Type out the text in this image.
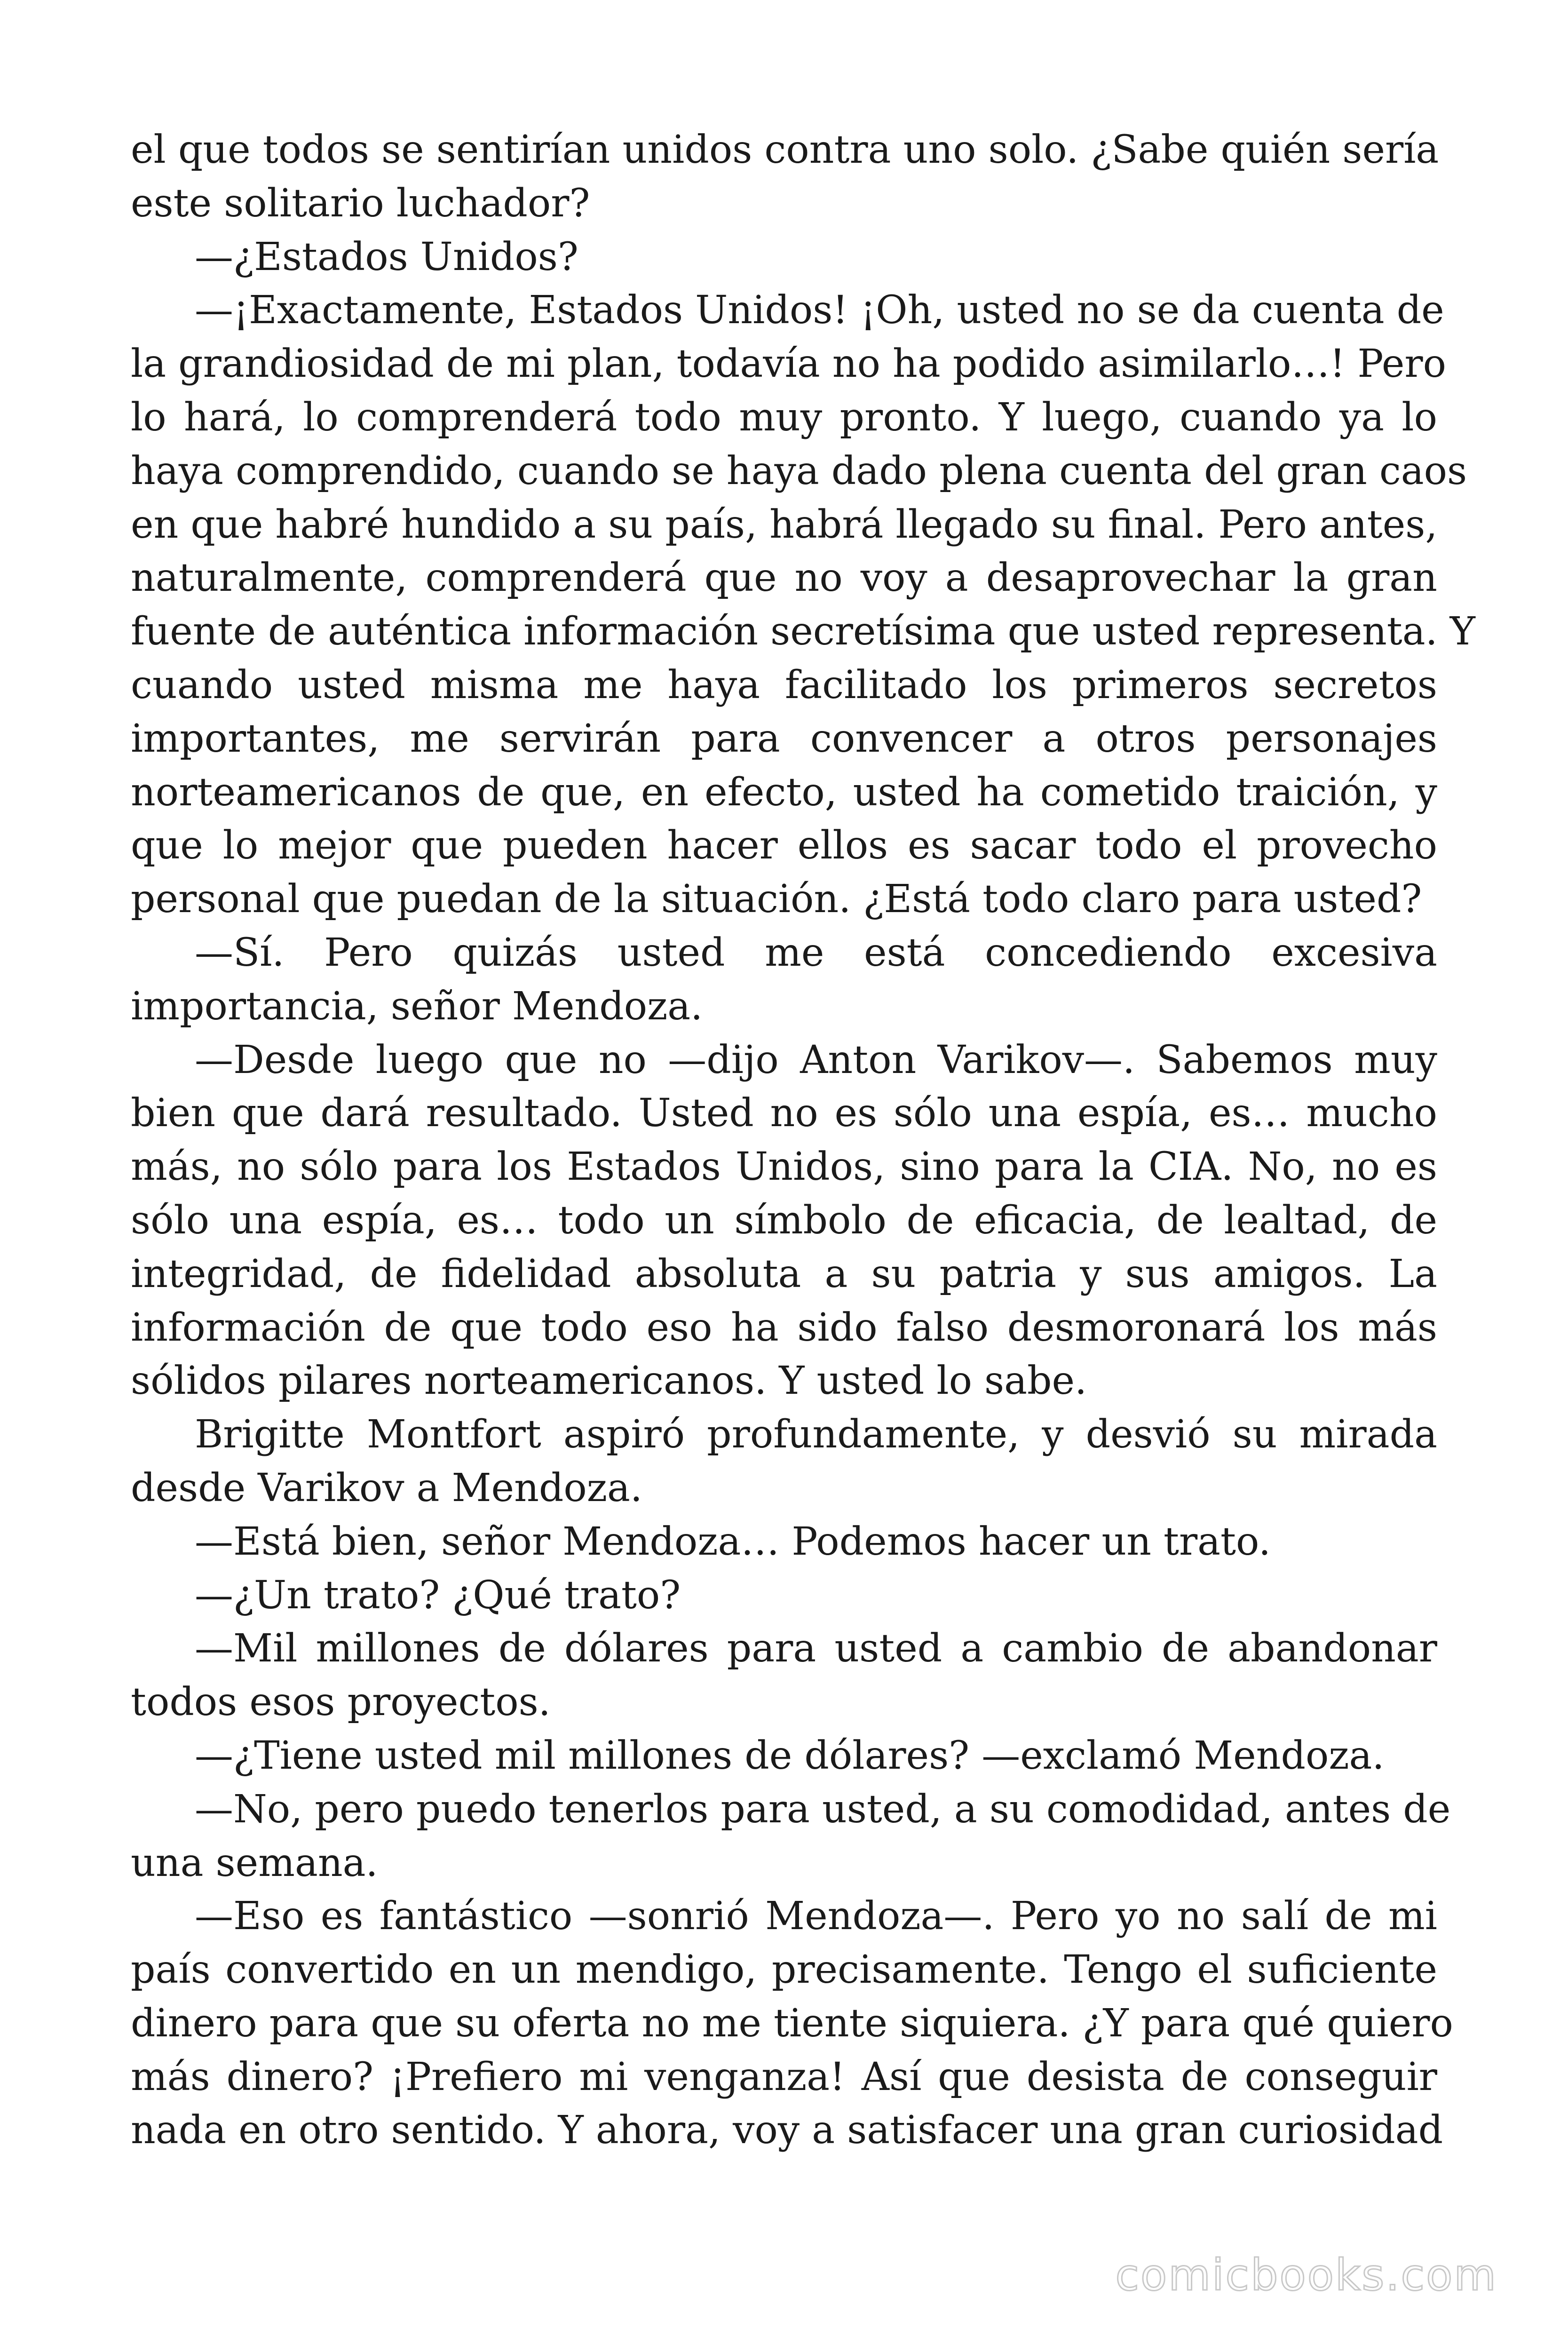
el que todos se sentirían unidos contra uno solo. ¿Sabe quién sería
este solitario luchador?
—¿Estados Unidos?
—¡Exactamente, Estados Unidos! ¡Oh, usted no se da cuenta de
la grandiosidad de mi plan, todavía no ha podido asimilarlo…! Pero
lo hará, lo comprenderá todo muy pronto. Y luego, cuando ya lo
haya comprendido, cuando se haya dado plena cuenta del gran caos
en que habré hundido a su país, habrá llegado su final. Pero antes,
naturalmente, comprenderá que no voy a desaprovechar la gran
fuente de auténtica información secretísima que usted representa. Y
cuando usted misma me haya facilitado los primeros secretos
importantes, me servirán para convencer a otros personajes
norteamericanos de que, en efecto, usted ha cometido traición, y
que lo mejor que pueden hacer ellos es sacar todo el provecho
personal que puedan de la situación. ¿Está todo claro para usted?
—Sí. Pero quizás usted me está concediendo excesiva
importancia, señor Mendoza.
—Desde luego que no —dijo Anton Varikov—. Sabemos muy
bien que dará resultado. Usted no es sólo una espía, es… mucho
más, no sólo para los Estados Unidos, sino para la CIA. No, no es
sólo una espía, es… todo un símbolo de eficacia, de lealtad, de
integridad, de fidelidad absoluta a su patria y sus amigos. La
información de que todo eso ha sido falso desmoronará los más
sólidos pilares norteamericanos. Y usted lo sabe.
Brigitte Montfort aspiró profundamente, y desvió su mirada
desde Varikov a Mendoza.
—Está bien, señor Mendoza… Podemos hacer un trato.
—¿Un trato? ¿Qué trato?
—Mil millones de dólares para usted a cambio de abandonar
todos esos proyectos.
—¿Tiene usted mil millones de dólares? —exclamó Mendoza.
—No, pero puedo tenerlos para usted, a su comodidad, antes de
una semana.
—Eso es fantástico —sonrió Mendoza—. Pero yo no salí de mi
país convertido en un mendigo, precisamente. Tengo el suficiente
dinero para que su oferta no me tiente siquiera. ¿Y para qué quiero
más dinero? ¡Prefiero mi venganza! Así que desista de conseguir
nada en otro sentido. Y ahora, voy a satisfacer una gran curiosidad
comicbooks.com
